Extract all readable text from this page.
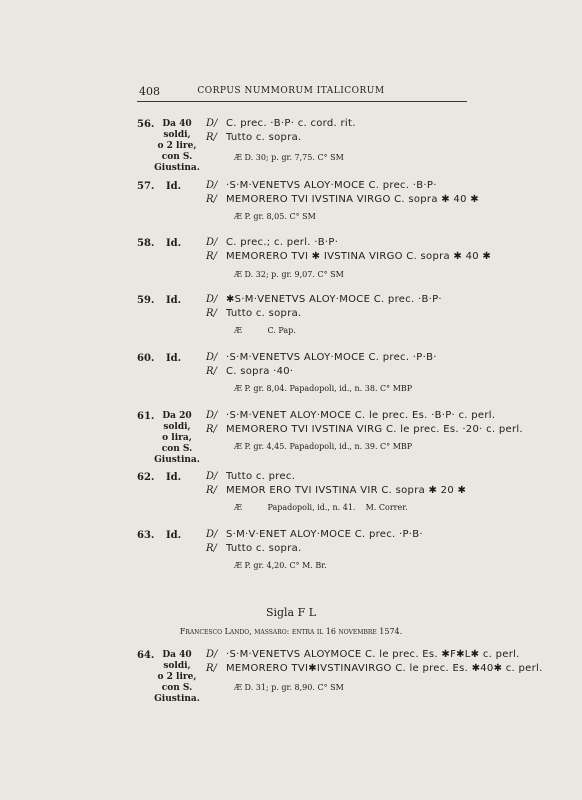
408	CORPUS NUMMORUM ITALICORUM
56. Da 40 soldi,
o 2 lire,
con S. Giustina.
D/ C. prec. ·B·P· c. cord. rit.
R/ Tutto c. sopra.
Æ D. 30; p. gr. 7,75. C° SM
57. Id. D/ ·S·M·VENETVS ALOY·MOCE C. prec. ·B·P·
R/ MEMORERO TVI IVSTINA VIRGO C. sopra ✱ 40 ✱
Æ P. gr. 8,05. C° SM
58. Id. D/ C. prec.; c. perl. ·B·P·
R/ MEMORERO TVI ✱ IVSTINA VIRGO C. sopra ✱ 40 ✱
Æ D. 32; p. gr. 9,07. C° SM
59. Id. D/ ✱S·M·VENETVS ALOY·MOCE C. prec. ·B·P·
R/ Tutto c. sopra.
Æ          C. Pap.
60. Id. D/ ·S·M·VENETVS ALOY·MOCE C. prec. ·P·B·
R/ C. sopra ·40·
Æ P. gr. 8,04. Papadopoli, id., n. 38. C° MBP
61. Da 20 soldi,
o lira,
con S. Giustina.
D/ ·S·M·VENET ALOY·MOCE C. le prec. Es. ·B·P· c. perl.
R/ MEMORERO TVI IVSTINA VIRG C. le prec. Es. ·20· c. perl.
Æ P. gr. 4,45. Papadopoli, id., n. 39. C° MBP
62. Id. D/ Tutto c. prec.
R/ MEMOR ERO TVI IVSTINA VIR C. sopra ✱ 20 ✱
Æ          Papadopoli, id., n. 41.    M. Correr.
63. Id. D/ S·M·V·ENET ALOY·MOCE C. prec. ·P·B·
R/ Tutto c. sopra.
Æ P. gr. 4,20. C° M. Br.
Sigla F L
Francesco Lando, massaro: entra il 16 novembre 1574.
64. Da 40 soldi,
o 2 lire,
con S. Giustina.
D/ ·S·M·VENETVS ALOYMOCE C. le prec. Es. ✱F✱L✱ c. perl.
R/ MEMORERO TVI✱IVSTINAVIRGO C. le prec. Es. ✱40✱ c. perl.
Æ D. 31; p. gr. 8,90. C° SM
